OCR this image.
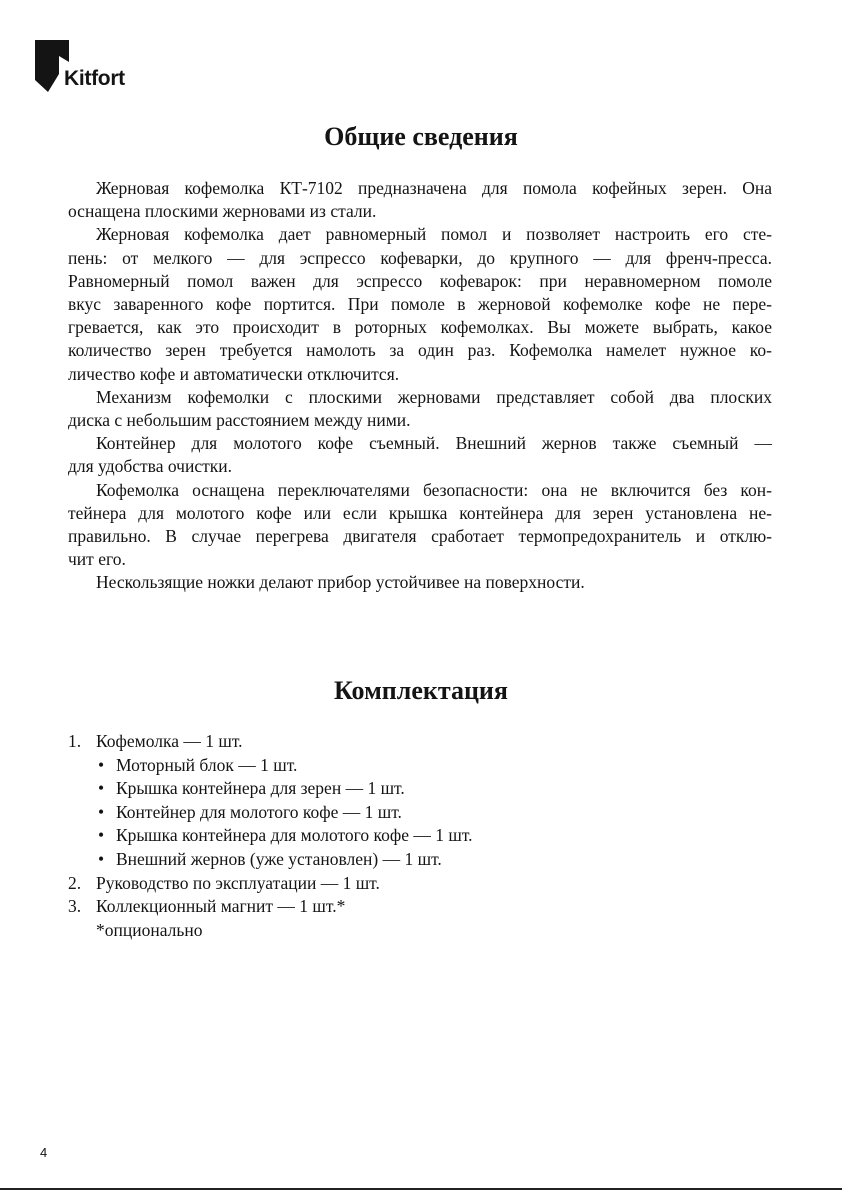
Kitfort
Общие сведения

Жерновая кофемолка КТ-7102 предназначена для помола кофейных зерен. Она
оснащена плоскими жерновами из стали.

Жерновая кофемолка дает равномерный помол и позволяет настроить его сте-
пень: от мелкого — для эспрессо кофеварки, до крупного — для френч-пресса.
Равномерный помол важен для эспрессо кофеварок: при неравномерном помоле
вкус заваренного кофе портится. При помоле в жерновой кофемолке кофе не пере-
гревается, как это происходит в роторных кофемолках. Вы можете выбрать, какое
количество зерен требуется намолоть за один раз. Кофемолка намелет нужное ко-
личество кофе и автоматически отключится.

Механизм кофемолки с плоскими жерновами представляет собой два плоских
диска с небольшим расстоянием между ними.

Контейнер для молотого кофе съемный. Внешний жернов также съемный —
для удобства очистки.

Кофемолка оснащена переключателями безопасности: она не включится без кон-
тейнера для молотого кофе или если крышка контейнера для зерен установлена не-
правильно. В случае перегрева двигателя сработает термопредохранитель и отклю-
чит его.

Нескользящие ножки делают прибор устойчивее на поверхности.

Комплектация
1. Кофемолка — 1 шт.
• Моторный блок — 1 шт.
• Крышка контейнера для зерен — 1 шт.
• Контейнер для молотого кофе — 1 шт.
• Крышка контейнера для молотого кофе — 1 шт.
• Внешний жернов (уже установлен) — 1 шт.
2. Руководство по эксплуатации — 1 шт.
3. Коллекционный магнит — 1 шт.*
*опционально
4
